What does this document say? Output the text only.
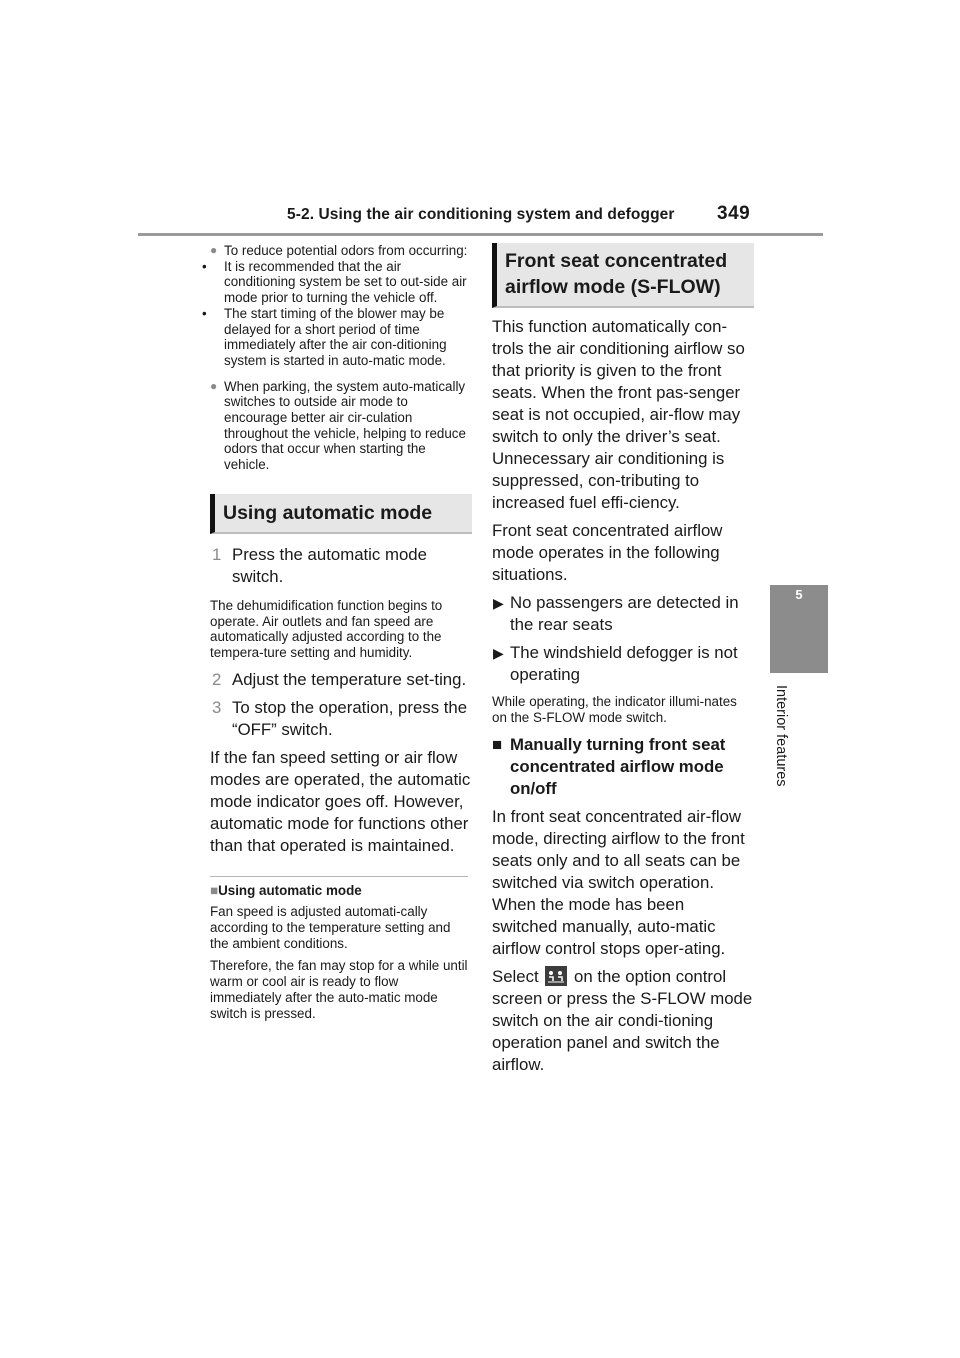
5-2. Using the air conditioning system and defogger 349
5
Interior features
● To reduce potential odors from occurring:
• It is recommended that the air conditioning system be set to out-side air mode prior to turning the vehicle off.
• The start timing of the blower may be delayed for a short period of time immediately after the air con-ditioning system is started in auto-matic mode.
● When parking, the system auto-matically switches to outside air mode to encourage better air cir-culation throughout the vehicle, helping to reduce odors that occur when starting the vehicle.
Using automatic mode
1 Press the automatic mode switch.
The dehumidification function begins to operate. Air outlets and fan speed are automatically adjusted according to the tempera-ture setting and humidity.
2 Adjust the temperature set-ting.
3 To stop the operation, press the “OFF” switch.
If the fan speed setting or air flow modes are operated, the automatic mode indicator goes off. However, automatic mode for functions other than that operated is maintained.
■Using automatic mode
Fan speed is adjusted automati-cally according to the temperature setting and the ambient conditions.
Therefore, the fan may stop for a while until warm or cool air is ready to flow immediately after the auto-matic mode switch is pressed.
Front seat concentrated airflow mode (S-FLOW)
This function automatically con-trols the air conditioning airflow so that priority is given to the front seats. When the front pas-senger seat is not occupied, air-flow may switch to only the driver’s seat. Unnecessary air conditioning is suppressed, con-tributing to increased fuel effi-ciency.
Front seat concentrated airflow mode operates in the following situations.
▶ No passengers are detected in the rear seats
▶ The windshield defogger is not operating
While operating, the indicator illumi-nates on the S-FLOW mode switch.
■ Manually turning front seat concentrated airflow mode on/off
In front seat concentrated air-flow mode, directing airflow to the front seats only and to all seats can be switched via switch operation. When the mode has been switched manually, auto-matic airflow control stops oper-ating.
Select on the option control screen or press the S-FLOW mode switch on the air condi-tioning operation panel and switch the airflow.
